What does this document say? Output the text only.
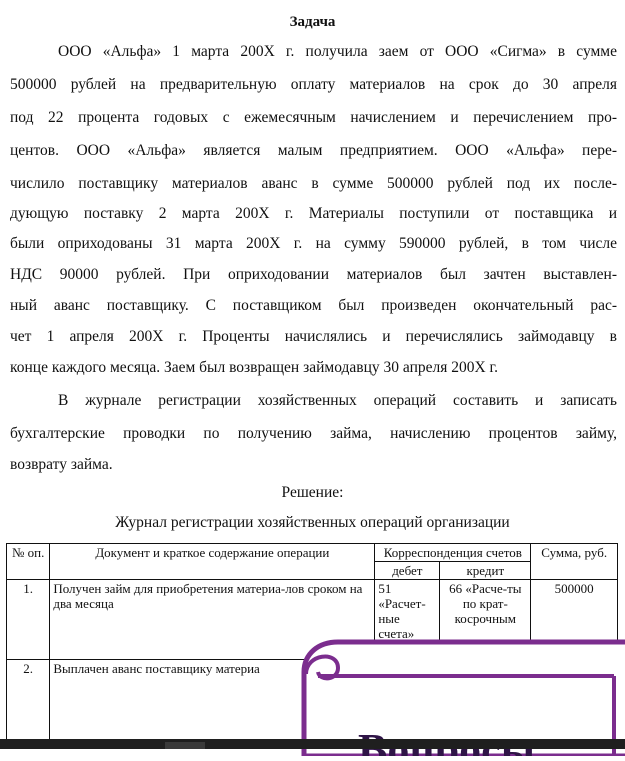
Задача
ООО «Альфа» 1 марта 200Х г. получила заем от ООО «Сигма» в сумме
500000 рублей на предварительную оплату материалов на срок до 30 апреля
под 22 процента годовых с ежемесячным начислением и перечислением про-
центов. ООО «Альфа» является малым предприятием. ООО «Альфа» пере-
числило поставщику материалов аванс в сумме 500000 рублей под их после-
дующую поставку 2 марта 200Х г. Материалы поступили от поставщика и
были оприходованы 31 марта 200Х г. на сумму 590000 рублей, в том числе
НДС 90000 рублей. При оприходовании материалов был зачтен выставлен-
ный аванс поставщику. С поставщиком был произведен окончательный рас-
чет 1 апреля 200Х г. Проценты начислялись и перечислялись займодавцу в
конце каждого месяца. Заем был возвращен займодавцу 30 апреля 200Х г.
В журнале регистрации хозяйственных операций составить и записать
бухгалтерские проводки по получению займа, начислению процентов займу,
возврату займа.
Решение:
Журнал регистрации хозяйственных операций организации
№ оп.	Документ и краткое содержание операции	Корреспонденция счетов		Сумма, руб.
		дебет	кредит	
1.	Получен займ для приобретения материа-лов сроком на два месяца	51 «Расчет-ные счета»	66 «Расче-ты по крат-косрочным	500000
2.	Выплачен аванс поставщику материа			
